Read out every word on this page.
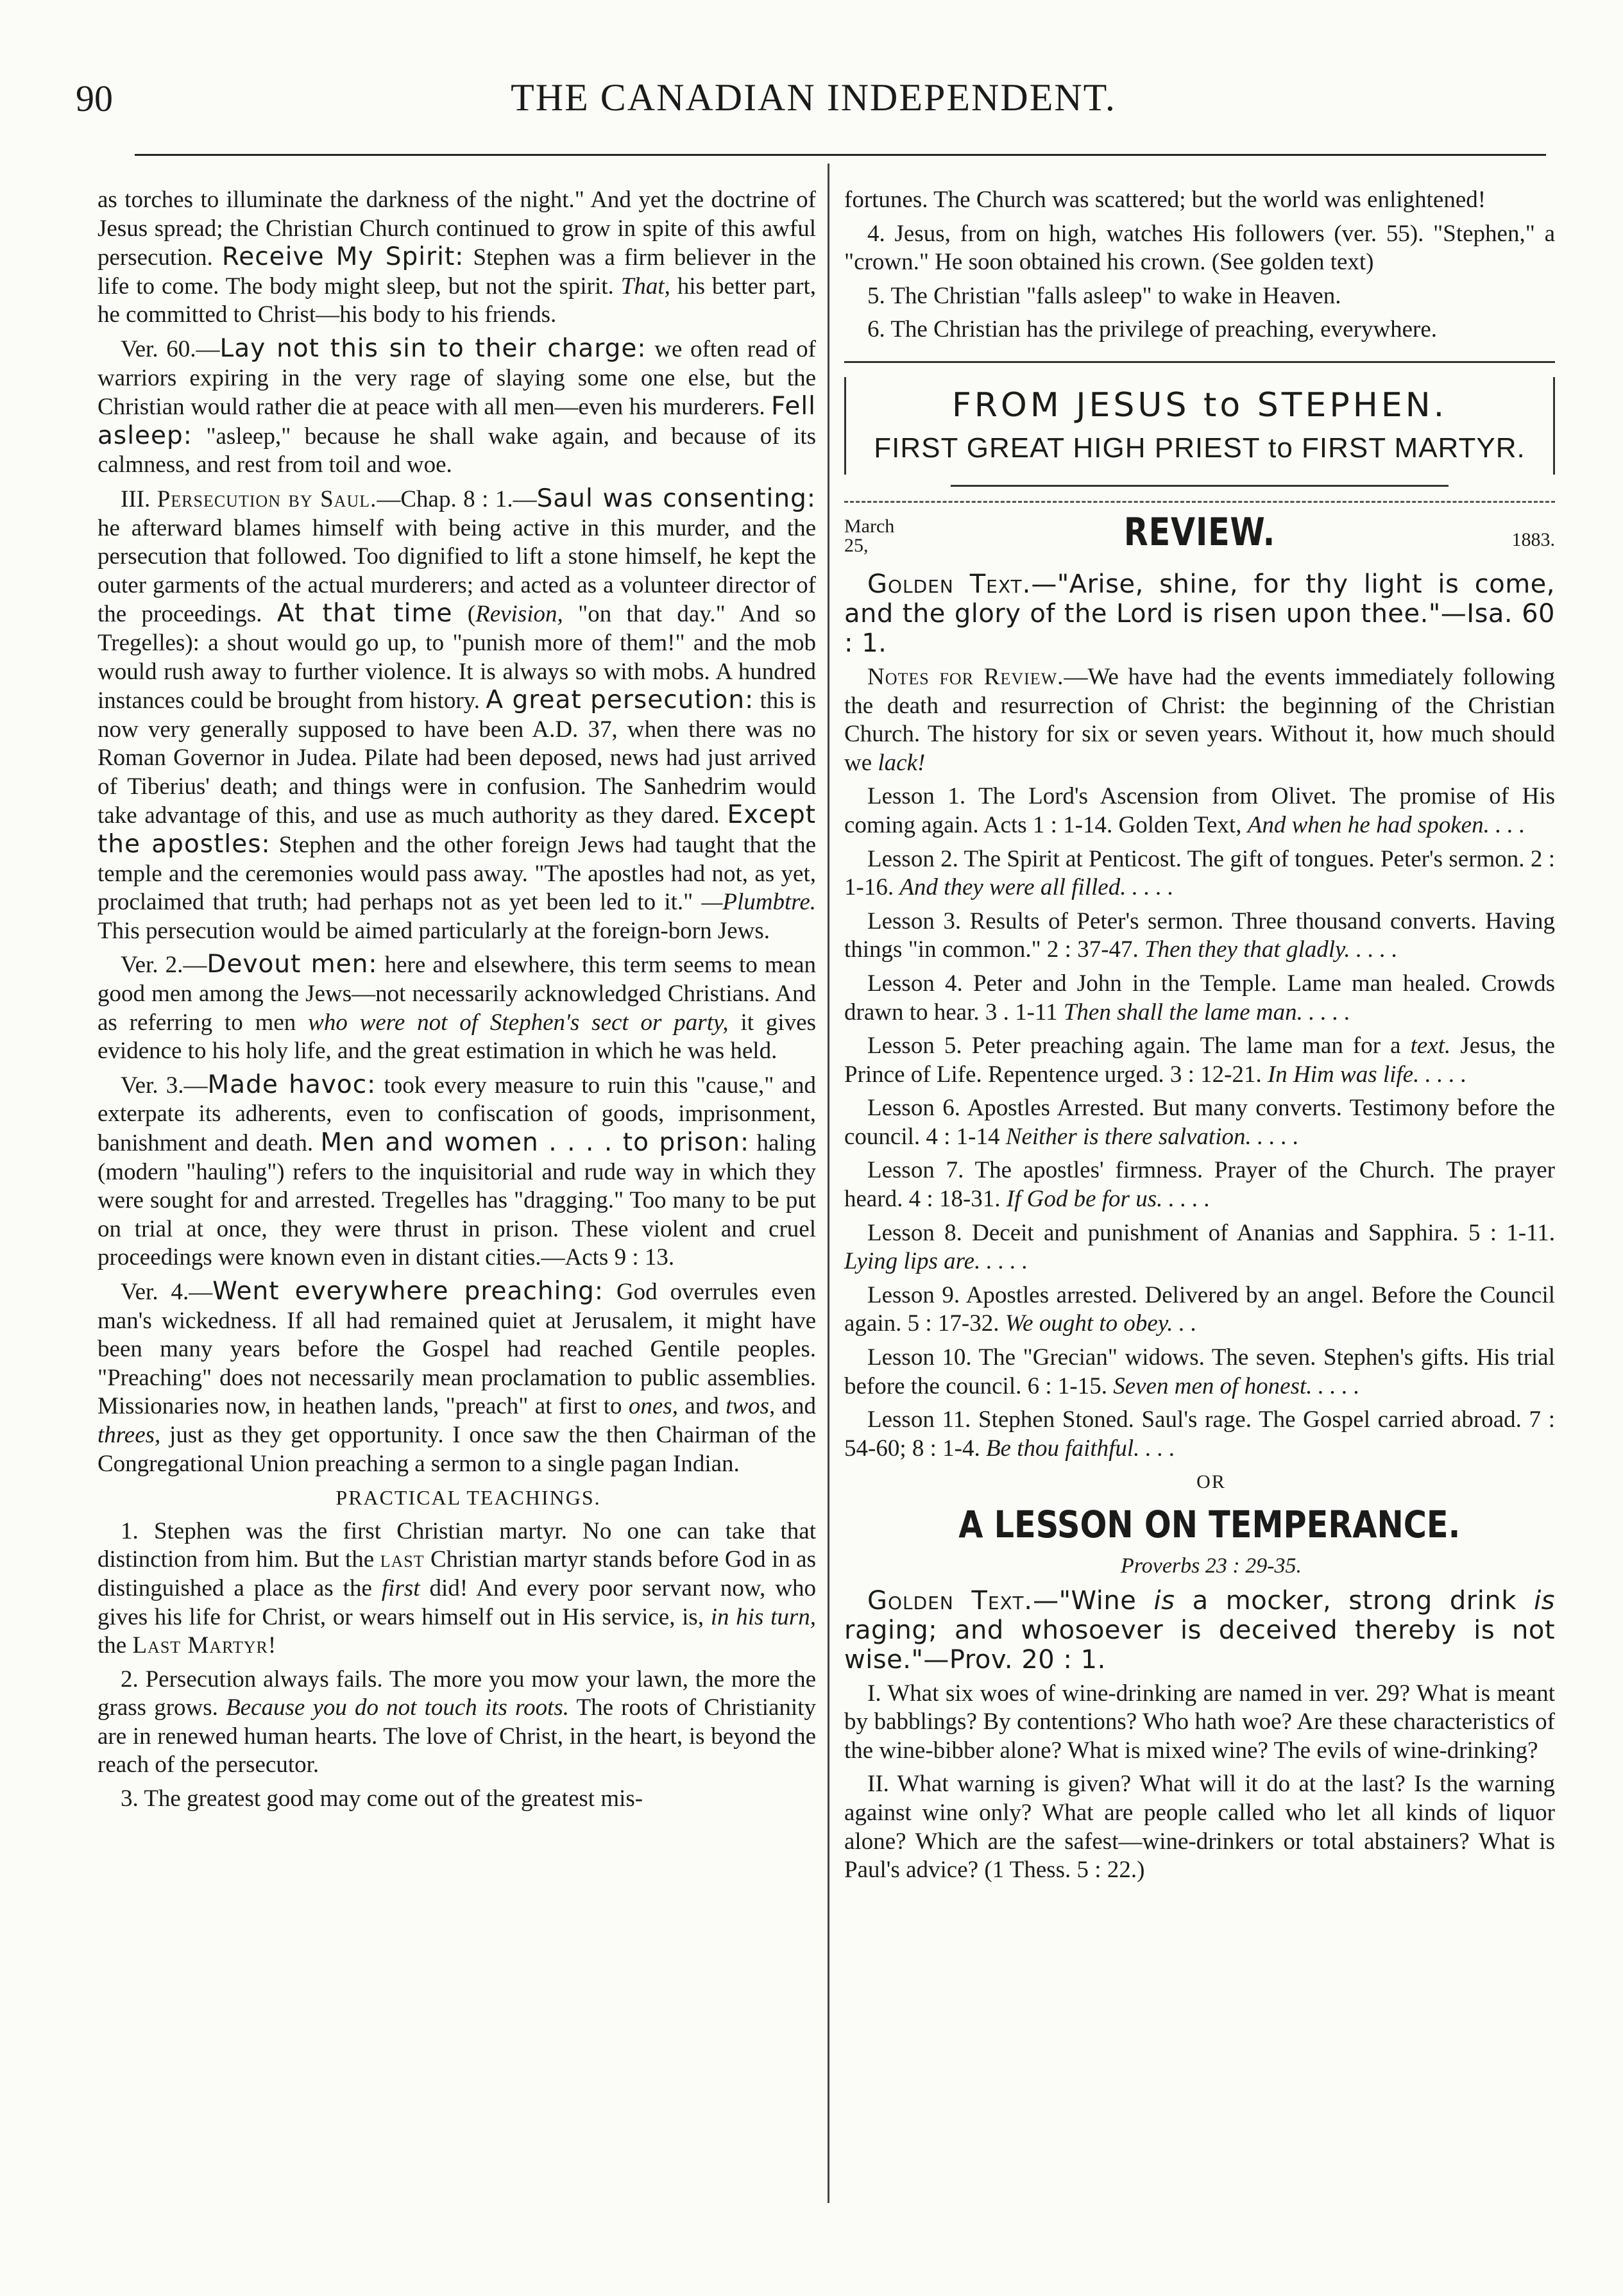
90	THE CANADIAN INDEPENDENT.

as torches to illuminate the darkness of the night." And yet the doctrine of Jesus spread; the Christian Church continued to grow in spite of this awful persecution. Receive My Spirit: Stephen was a firm believer in the life to come. The body might sleep, but not the spirit. That, his better part, he committed to Christ—his body to his friends.

Ver. 60.—Lay not this sin to their charge: we often read of warriors expiring in the very rage of slaying some one else, but the Christian would rather die at peace with all men—even his murderers. Fell asleep: "asleep," because he shall wake again, and because of its calmness, and rest from toil and woe.

III. Persecution by Saul.—Chap. 8 : 1.—Saul was consenting: he afterward blames himself with being active in this murder, and the persecution that followed. Too dignified to lift a stone himself, he kept the outer garments of the actual murderers; and acted as a volunteer director of the proceedings. At that time (Revision, "on that day." And so Tregelles): a shout would go up, to "punish more of them!" and the mob would rush away to further violence. It is always so with mobs. A hundred instances could be brought from history. A great persecution: this is now very generally supposed to have been A.D. 37, when there was no Roman Governor in Judea. Pilate had been deposed, news had just arrived of Tiberius' death; and things were in confusion. The Sanhedrim would take advantage of this, and use as much authority as they dared. Except the apostles: Stephen and the other foreign Jews had taught that the temple and the ceremonies would pass away. "The apostles had not, as yet, proclaimed that truth; had perhaps not as yet been led to it." —Plumbtre. This persecution would be aimed particularly at the foreign-born Jews.

Ver. 2.—Devout men: here and elsewhere, this term seems to mean good men among the Jews—not necessarily acknowledged Christians. And as referring to men who were not of Stephen's sect or party, it gives evidence to his holy life, and the great estimation in which he was held.

Ver. 3.—Made havoc: took every measure to ruin this "cause," and exterpate its adherents, even to confiscation of goods, imprisonment, banishment and death. Men and women . . . . to prison: haling (modern "hauling") refers to the inquisitorial and rude way in which they were sought for and arrested. Tregelles has "dragging." Too many to be put on trial at once, they were thrust in prison. These violent and cruel proceedings were known even in distant cities.—Acts 9 : 13.

Ver. 4.—Went everywhere preaching: God overrules even man's wickedness. If all had remained quiet at Jerusalem, it might have been many years before the Gospel had reached Gentile peoples. "Preaching" does not necessarily mean proclamation to public assemblies. Missionaries now, in heathen lands, "preach" at first to ones, and twos, and threes, just as they get opportunity. I once saw the then Chairman of the Congregational Union preaching a sermon to a single pagan Indian.

PRACTICAL TEACHINGS.

1. Stephen was the first Christian martyr. No one can take that distinction from him. But the last Christian martyr stands before God in as distinguished a place as the first did! And every poor servant now, who gives his life for Christ, or wears himself out in His service, is, in his turn, the Last Martyr!

2. Persecution always fails. The more you mow your lawn, the more the grass grows. Because you do not touch its roots. The roots of Christianity are in renewed human hearts. The love of Christ, in the heart, is beyond the reach of the persecutor.

3. The greatest good may come out of the greatest mis-

fortunes. The Church was scattered; but the world was enlightened!

4. Jesus, from on high, watches His followers (ver. 55). "Stephen," a "crown." He soon obtained his crown. (See golden text)

5. The Christian "falls asleep" to wake in Heaven.

6. The Christian has the privilege of preaching, everywhere.

FROM JESUS to STEPHEN.
FIRST GREAT HIGH PRIEST to FIRST MARTYR.
March 25,	REVIEW.	1883.

Golden Text.—"Arise, shine, for thy light is come, and the glory of the Lord is risen upon thee."—Isa. 60 : 1.

Notes for Review.—We have had the events immediately following the death and resurrection of Christ: the beginning of the Christian Church. The history for six or seven years. Without it, how much should we lack!

Lesson 1. The Lord's Ascension from Olivet. The promise of His coming again. Acts 1 : 1-14. Golden Text, And when he had spoken. . . .

Lesson 2. The Spirit at Penticost. The gift of tongues. Peter's sermon. 2 : 1-16. And they were all filled. . . . .

Lesson 3. Results of Peter's sermon. Three thousand converts. Having things "in common." 2 : 37-47. Then they that gladly. . . . .

Lesson 4. Peter and John in the Temple. Lame man healed. Crowds drawn to hear. 3 . 1-11 Then shall the lame man. . . . .

Lesson 5. Peter preaching again. The lame man for a text. Jesus, the Prince of Life. Repentence urged. 3 : 12-21. In Him was life. . . . .

Lesson 6. Apostles Arrested. But many converts. Testimony before the council. 4 : 1-14 Neither is there salvation. . . . .

Lesson 7. The apostles' firmness. Prayer of the Church. The prayer heard. 4 : 18-31. If God be for us. . . . .

Lesson 8. Deceit and punishment of Ananias and Sapphira. 5 : 1-11. Lying lips are. . . . .

Lesson 9. Apostles arrested. Delivered by an angel. Before the Council again. 5 : 17-32. We ought to obey. . .

Lesson 10. The "Grecian" widows. The seven. Stephen's gifts. His trial before the council. 6 : 1-15. Seven men of honest. . . . .

Lesson 11. Stephen Stoned. Saul's rage. The Gospel carried abroad. 7 : 54-60; 8 : 1-4. Be thou faithful. . . .

OR

A LESSON ON TEMPERANCE.

Proverbs 23 : 29-35.

Golden Text.—"Wine is a mocker, strong drink is raging; and whosoever is deceived thereby is not wise."—Prov. 20 : 1.

I. What six woes of wine-drinking are named in ver. 29? What is meant by babblings? By contentions? Who hath woe? Are these characteristics of the wine-bibber alone? What is mixed wine? The evils of wine-drinking?

II. What warning is given? What will it do at the last? Is the warning against wine only? What are people called who let all kinds of liquor alone? Which are the safest—wine-drinkers or total abstainers? What is Paul's advice? (1 Thess. 5 : 22.)
